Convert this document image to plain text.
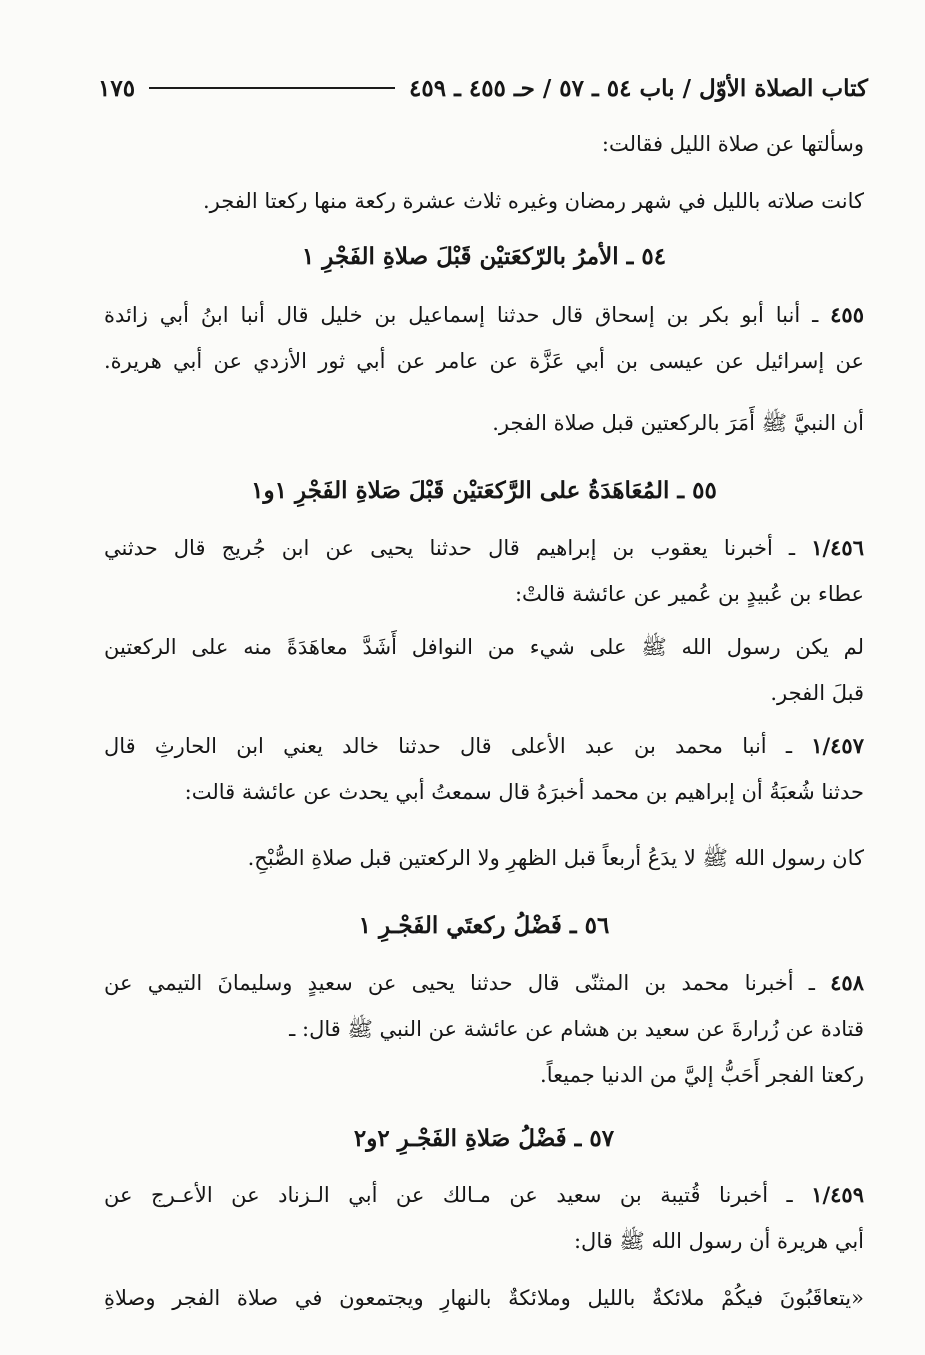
كتاب الصلاة الأوّل / باب ٥٤ ـ ٥٧ / حـ ٤٥٥ ـ ٤٥٩
١٧٥
وسألتها عن صلاة الليل فقالت:
كانت صلاته بالليل في شهر رمضان وغيره ثلاث عشرة ركعة منها ركعتا الفجر.
٥٤ ـ الأمرُ بالرّكعَتيْن قَبْلَ صلاةِ الفَجْرِ ١
٤٥٥ ـ أنبا أبو بكر بن إسحاق قال حدثنا إسماعيل بن خليل قال أنبا ابنُ أبي زائدة
عن إسرائيل عن عيسى بن أبي عَزَّة عن عامر عن أبي ثور الأزدي عن أبي هريرة.
أن النبيَّ ﷺ أَمَرَ بالركعتين قبل صلاة الفجر.
٥٥ ـ المُعَاهَدَةُ على الرَّكعَتيْن قَبْلَ صَلاةِ الفَجْرِ ١و١
١/٤٥٦ ـ أخبرنا يعقوب بن إبراهيم قال حدثنا يحيى عن ابن جُريج قال حدثني
عطاء بن عُبيدٍ بن عُمير عن عائشة قالتْ:
لم يكن رسول الله ﷺ على شيء من النوافل أَشَدَّ معاهَدَةً منه على الركعتين
قبلَ الفجر.
١/٤٥٧ ـ أنبا محمد بن عبد الأعلى قال حدثنا خالد يعني ابن الحارثِ قال
حدثنا شُعبَةُ أن إبراهيم بن محمد أخبرَهُ قال سمعتُ أبي يحدث عن عائشة قالت:
كان رسول الله ﷺ لا يدَعُ أربعاً قبل الظهرِ ولا الركعتين قبل صلاةِ الصُّبْحِ.
٥٦ ـ فَضْلُ ركعتَي الفَجْـرِ ١
٤٥٨ ـ أخبرنا محمد بن المثنّى قال حدثنا يحيى عن سعيدٍ وسليمانَ التيمي عن
قتادة عن زُرارةَ عن سعيد بن هشام عن عائشة عن النبي ﷺ قال: ـ
ركعتا الفجر أَحَبُّ إليَّ من الدنيا جميعاً.
٥٧ ـ فَضْلُ صَلاةِ الفَجْـرِ ٢و٢
١/٤٥٩ ـ أخبرنا قُتيبة بن سعيد عن مـالك عن أبي الـزناد عن الأعـرج عن
أبي هريرة أن رسول الله ﷺ قال:
«يتعاقَبُونَ فيكُمْ ملائكةٌ بالليل وملائكةٌ بالنهارِ ويجتمعون في صلاة الفجر وصلاةِ
